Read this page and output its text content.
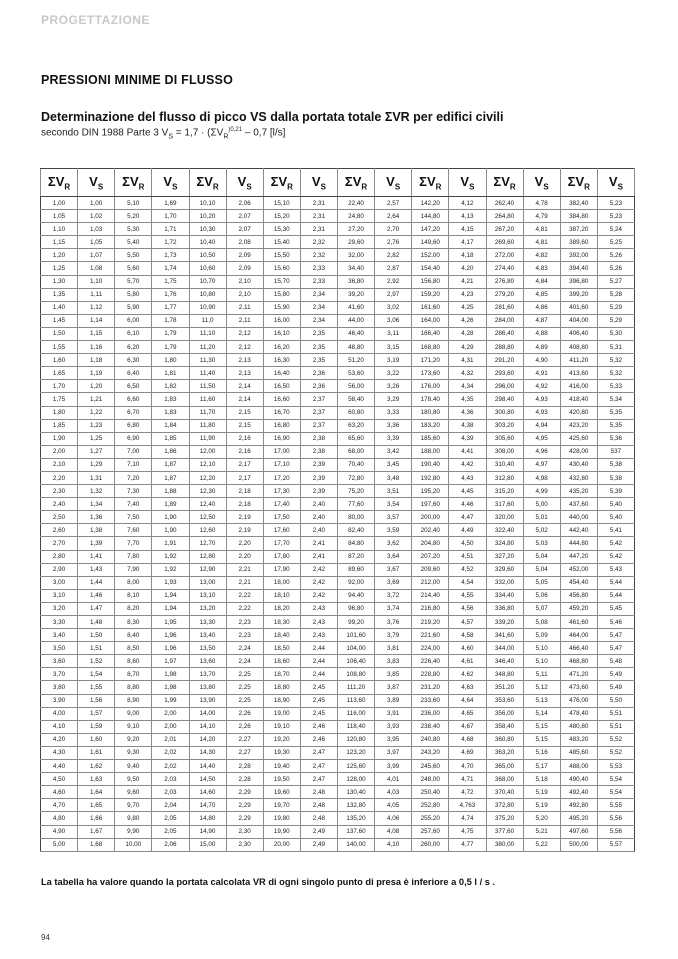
PROGETTAZIONE
PRESSIONI MINIME DI FLUSSO
Determinazione del flusso di picco VS dalla portata totale ΣVR per edifici civili
secondo DIN 1988 Parte 3 $V_S = 1,7 \cdot (\Sigma V_R^{)0,21} - 0,7$ [l/s]
$\Sigma V_R$	$V_S$	$\Sigma V_R$	$V_S$	$\Sigma V_R$	$V_S$	$\Sigma V_R$	$V_S$	$\Sigma V_R$	$V_S$	$\Sigma V_R$	$V_S$	$\Sigma V_R$	$V_S$	$\Sigma V_R$	$V_S$
1,00	1,00	5,10	1,69	10,10	2,06	15,10	2,31	22,40	2,57	142,20	4,12	262,40	4,78	382,40	5,23
1,05	1,02	5,20	1,70	10,20	2,07	15,20	2,31	24,80	2,64	144,80	4,13	264,80	4,79	384,80	5,23
1,10	1,03	5,30	1,71	10,30	2,07	15,30	2,31	27,20	2,70	147,20	4,15	267,20	4,81	387,20	5,24
1,15	1,05	5,40	1,72	10,40	2,08	15,40	2,32	29,60	2,76	149,60	4,17	269,60	4,81	389,60	5,25
1,20	1,07	5,50	1,73	10,50	2,09	15,50	2,32	32,00	2,82	152,00	4,18	272,00	4,82	392,00	5,26
1,25	1,08	5,60	1,74	10,60	2,09	15,60	2,33	34,40	2,87	154,40	4,20	274,40	4,83	394,40	5,26
1,30	1,10	5,70	1,75	10,70	2,10	15,70	2,33	36,80	2,92	156,80	4,21	276,80	4,84	396,80	5,27
1,35	1,11	5,80	1,76	10,80	2,10	15,80	2,34	39,20	2,97	159,20	4,23	279,20	4,85	399,20	5,28
1,40	1,12	5,90	1,77	10,90	2,11	15,90	2,34	41,60	3,02	161,60	4,25	281,60	4,86	401,60	5,29
1,45	1,14	6,00	1,78	11,0	2,11	16,00	2,34	44,00	3,06	164,00	4,26	284,00	4,87	404,00	5,29
1,50	1,15	6,10	1,79	11,10	2,12	16,10	2,35	46,40	3,11	166,40	4,28	286,40	4,88	406,40	5,30
1,55	1,16	6,20	1,79	11,20	2,12	16,20	2,35	48,80	3,15	168,80	4,29	288,80	4,89	408,80	5,31
1,60	1,18	6,30	1,80	11,30	2,13	16,30	2,35	51,20	3,19	171,20	4,31	291,20	4,90	411,20	5,32
1,65	1,19	6,40	1,81	11,40	2,13	16,40	2,36	53,60	3,22	173,60	4,32	293,60	4,91	413,60	5,32
1,70	1,20	6,50	1,82	11,50	2,14	16,50	2,36	56,00	3,26	176,00	4,34	296,00	4,92	416,00	5,33
1,75	1,21	6,60	1,83	11,60	2,14	16,60	2,37	58,40	3,29	178,40	4,35	298,40	4,93	418,40	5,34
1,80	1,22	6,70	1,83	11,70	2,15	16,70	2,37	60,80	3,33	180,80	4,36	300,80	4,93	420,80	5,35
1,85	1,23	6,80	1,84	11,80	2,15	16,80	2,37	63,20	3,36	183,20	4,38	303,20	4,94	423,20	5,35
1,90	1,25	6,90	1,85	11,90	2,16	16,90	2,38	65,60	3,39	185,60	4,39	305,60	4,95	425,60	5,36
2,00	1,27	7,00	1,86	12,00	2,16	17,00	2,38	68,00	3,42	188,00	4,41	308,00	4,96	428,00	537
2,10	1,29	7,10	1,87	12,10	2,17	17,10	2,39	70,40	3,45	190,40	4,42	310,40	4,97	430,40	5,38
2,20	1,31	7,20	1,87	12,20	2,17	17,20	2,39	72,80	3,48	192,80	4,43	312,80	4,98	432,80	5,38
2,30	1,32	7,30	1,88	12,30	2,18	17,30	2,39	75,20	3,51	195,20	4,45	315,20	4,99	435,20	5,39
2,40	1,34	7,40	1,89	12,40	2,18	17,40	2,40	77,60	3,54	197,60	4,46	317,60	5,00	437,60	5,40
2,50	1,36	7,50	1,90	12,50	2,19	17,50	2,40	80,00	3,57	200,00	4,47	320,00	5,01	440,00	5,40
2,60	1,38	7,60	1,90	12,60	2,19	17,60	2,40	82,40	3,59	202,40	4,49	322,40	5,02	442,40	5,41
2,70	1,39	7,70	1,91	12,70	2,20	17,70	2,41	84,80	3,62	204,80	4,50	324,80	5,03	444,80	5,42
2,80	1,41	7,80	1,92	12,80	2,20	17,80	2,41	87,20	3,64	207,20	4,51	327,20	5,04	447,20	5,42
2,90	1,43	7,90	1,92	12,90	2,21	17,90	2,42	89,60	3,67	209,60	4,52	329,60	5,04	452,00	5,43
3,00	1,44	8,00	1,93	13,00	2,21	18,00	2,42	92,00	3,69	212,00	4,54	332,00	5,05	454,40	5,44
3,10	1,46	8,10	1,94	13,10	2,22	18,10	2,42	94,40	3,72	214,40	4,55	334,40	5,06	456,80	5,44
3,20	1,47	8,20	1,94	13,20	2,22	18,20	2,43	96,80	3,74	216,80	4,56	336,80	5,07	459,20	5,45
3,30	1,48	8,30	1,95	13,30	2,23	18,30	2,43	99,20	3,76	219,20	4,57	339,20	5,08	461,60	5,46
3,40	1,50	8,40	1,96	13,40	2,23	18,40	2,43	101,60	3,79	221,60	4,58	341,60	5,09	464,00	5,47
3,50	1,51	8,50	1,96	13,50	2,24	18,50	2,44	104,00	3,81	224,00	4,60	344,00	5,10	466,40	5,47
3,60	1,52	8,60	1,97	13,60	2,24	18,60	2,44	106,40	3,83	226,40	4,61	346,40	5,10	468,80	5,48
3,70	1,54	8,70	1,98	13,70	2,25	18,70	2,44	108,80	3,85	228,80	4,62	348,80	5,11	471,20	5,49
3,80	1,55	8,80	1,98	13,80	2,25	18,80	2,45	111,20	3,87	231,20	4,63	351,20	5,12	473,60	5,49
3,90	1,56	8,90	1,99	13,90	2,25	18,90	2,45	113,60	3,89	233,60	4,64	353,60	5,13	476,00	5,50
4,00	1,57	9,00	2,00	14,00	2,26	19,00	2,45	116,00	3,91	236,00	4,65	356,00	5,14	478,40	5,51
4,10	1,59	9,10	2,00	14,10	2,26	19,10	2,46	118,40	3,93	238,40	4,67	358,40	5,15	480,80	5,51
4,20	1,60	9,20	2,01	14,20	2,27	19,20	2,46	120,80	3,95	240,80	4,68	360,80	5,15	483,20	5,52
4,30	1,61	9,30	2,02	14,30	2,27	19,30	2,47	123,20	3,97	243,20	4,69	363,20	5,16	485,60	5,52
4,40	1,62	9,40	2,02	14,40	2,28	19,40	2,47	125,60	3,99	245,60	4,70	365,00	5,17	488,00	5,53
4,50	1,63	9,50	2,03	14,50	2,28	19,50	2,47	128,00	4,01	248,00	4,71	368,00	5,18	490,40	5,54
4,60	1,64	9,60	2,03	14,60	2,29	19,60	2,48	130,40	4,03	250,40	4,72	370,40	5,19	492,40	5,54
4,70	1,65	9,70	2,04	14,70	2,29	19,70	2,48	132,80	4,05	252,80	4,763	372,80	5,19	492,80	5,55
4,80	1,66	9,80	2,05	14,80	2,29	19,80	2,48	135,20	4,06	255,20	4,74	375,20	5,20	495,20	5,56
4,90	1,67	9,90	2,05	14,90	2,30	19,90	2,49	137,60	4,08	257,60	4,75	377,60	5,21	497,60	5,56
5,00	1,68	10,00	2,06	15,00	2,30	20,00	2,49	140,00	4,10	260,00	4,77	380,00	5,22	500,00	5,57
La tabella ha valore quando la portata calcolata VR di ogni singolo punto di presa è inferiore a 0,5 l / s .
94
